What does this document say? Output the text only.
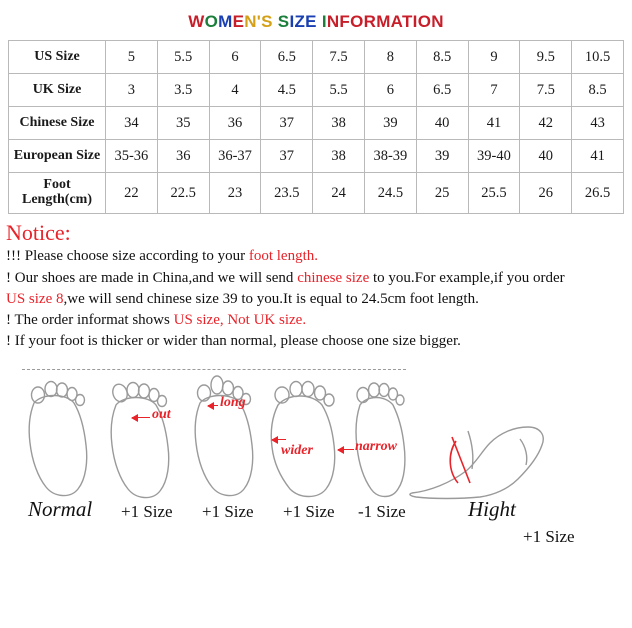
WOMEN'S SIZE INFORMATION
US Size	5	5.5	6	6.5	7.5	8	8.5	9	9.5	10.5
UK Size	3	3.5	4	4.5	5.5	6	6.5	7	7.5	8.5
Chinese Size	34	35	36	37	38	39	40	41	42	43
European Size	35-36	36	36-37	37	38	38-39	39	39-40	40	41

Foot
Length(cm)	22	22.5	23	23.5	24	24.5	25	25.5	26	26.5
Notice:
!!! Please choose size according to your foot length.
! Our shoes are made in China,and we will send chinese size to you.For example,if you order
US size 8,we will send chinese size 39 to you.It is equal to 24.5cm foot length.
! The order informat shows US size, Not UK size.
! If your foot is thicker or wider than normal, please choose one size bigger.
out
long
wider	narrow
Normal +1 Size +1 Size +1 Size -1 Size	Hight
+1 Size
